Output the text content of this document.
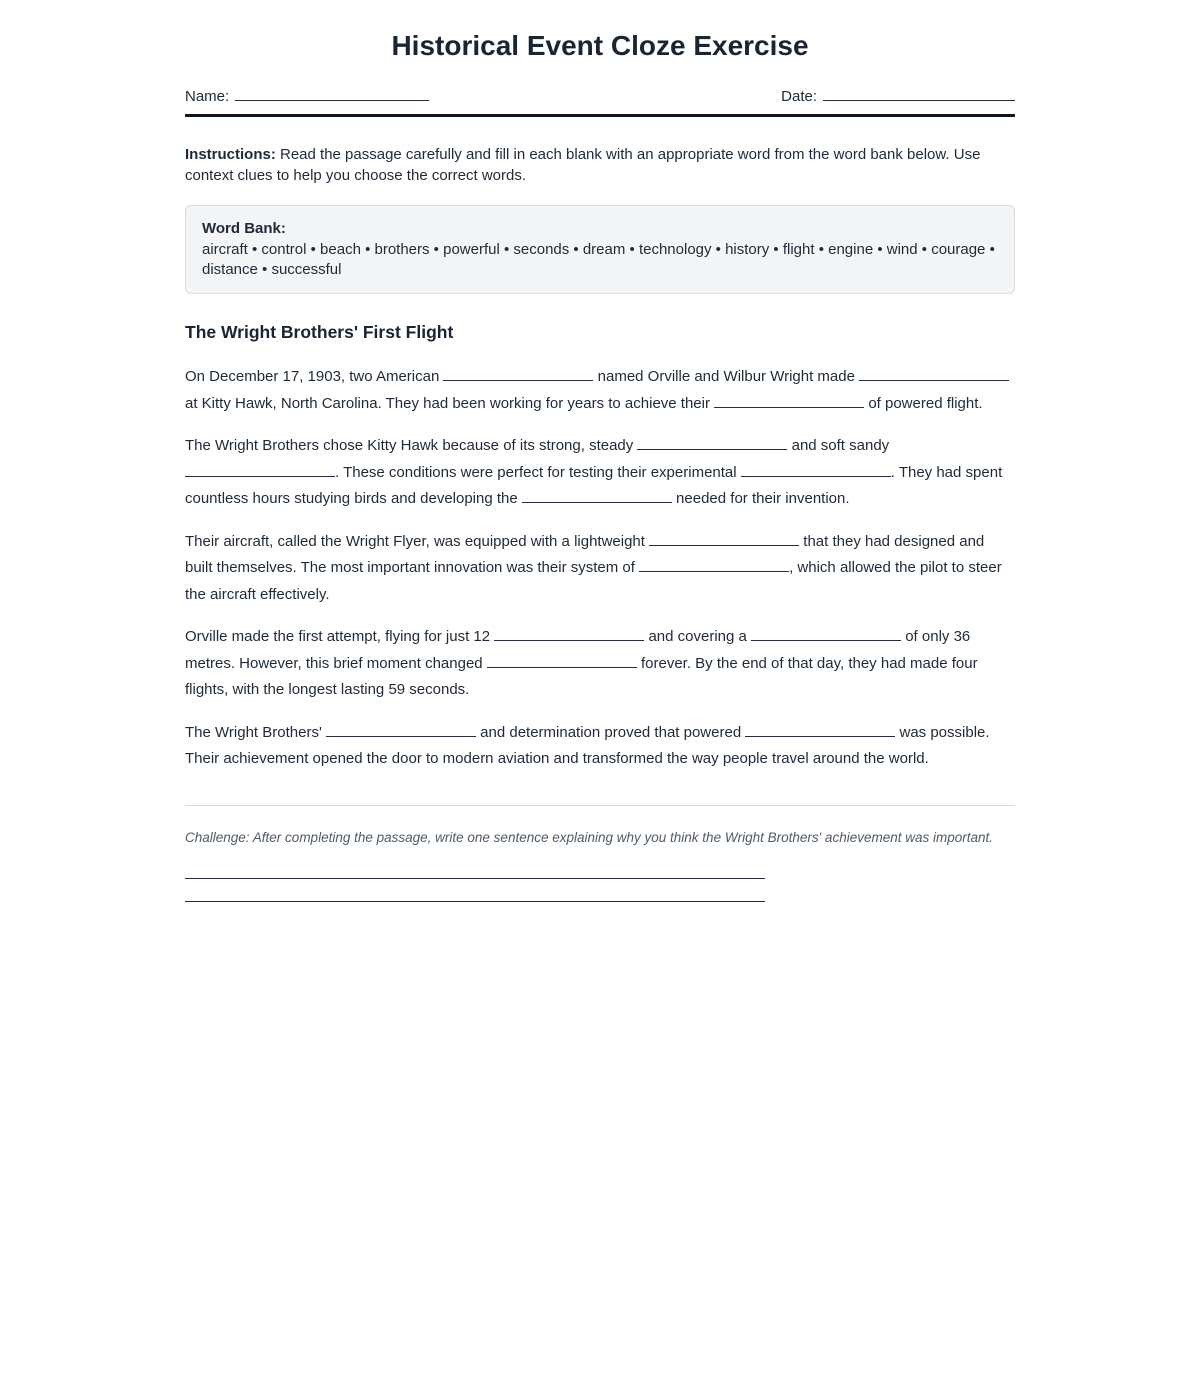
Historical Event Cloze Exercise
Name:	Date:
Instructions: Read the passage carefully and fill in each blank with an appropriate word from the word bank below. Use context clues to help you choose the correct words.
Word Bank:
aircraft • control • beach • brothers • powerful • seconds • dream • technology • history • flight • engine • wind • courage • distance • successful
The Wright Brothers' First Flight

On December 17, 1903, two American	named Orville and Wilbur Wright made  at Kitty Hawk, North Carolina. They had been working for years to achieve their	of powered flight.

The Wright Brothers chose Kitty Hawk because of its strong, steady	and soft sandy . These conditions were perfect for testing their experimental	. They had spent countless hours studying birds and developing the	needed for their invention.

Their aircraft, called the Wright Flyer, was equipped with a lightweight	that they had designed and built themselves. The most important innovation was their system of	, which allowed the pilot to steer the aircraft effectively.

Orville made the first attempt, flying for just 12	and covering a	of only 36 metres. However, this brief moment changed	forever. By the end of that day, they had made four flights, with the longest lasting 59 seconds.

The Wright Brothers'	and determination proved that powered	was possible. Their achievement opened the door to modern aviation and transformed the way people travel around the world.

Challenge: After completing the passage, write one sentence explaining why you think the Wright Brothers' achievement was important.
